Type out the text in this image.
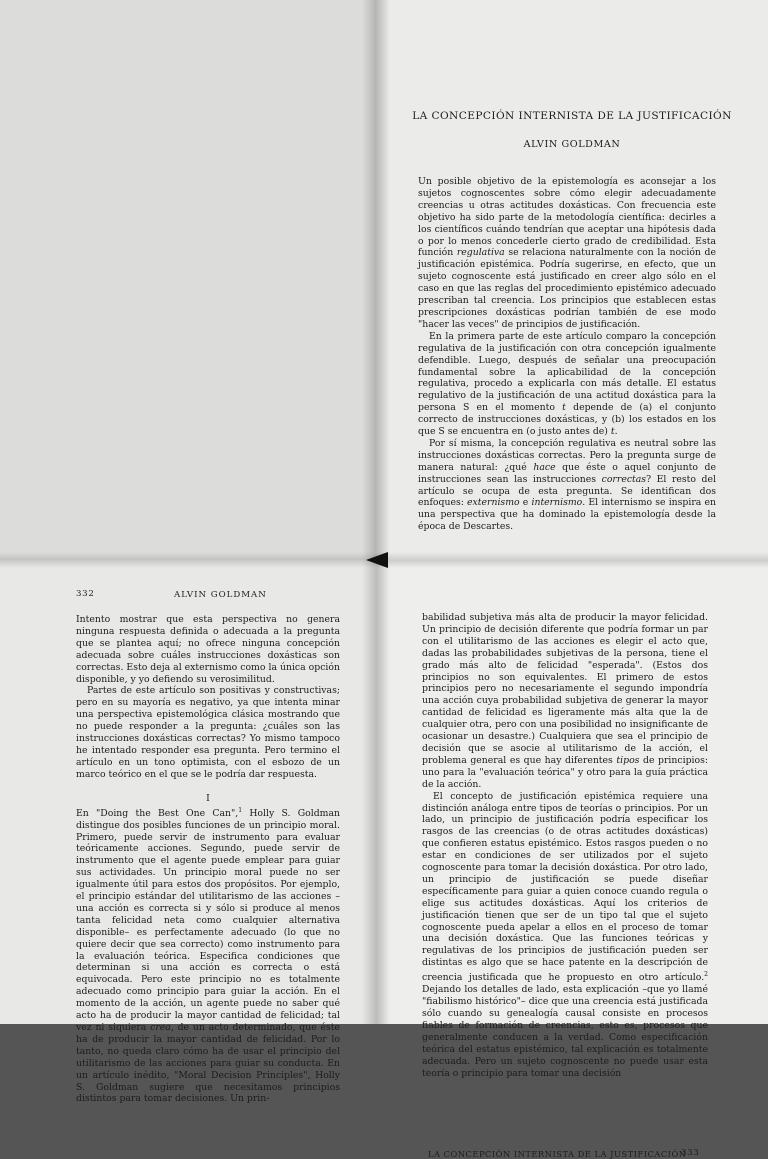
LA CONCEPCIÓN INTERNISTA DE LA JUSTIFICACIÓN
ALVIN GOLDMAN

Un posible objetivo de la epistemología es aconsejar a los sujetos cognoscentes sobre cómo elegir adecuadamente creencias u otras actitudes doxásticas. Con frecuencia este objetivo ha sido parte de la metodología científica: decirles a los científicos cuándo tendrían que aceptar una hipótesis dada o por lo menos concederle cierto grado de credibilidad. Esta función regulativa se relaciona naturalmente con la noción de justificación epistémica. Podría sugerirse, en efecto, que un sujeto cognoscente está justificado en creer algo sólo en el caso en que las reglas del procedimiento epistémico adecuado prescriban tal creencia. Los principios que establecen estas prescripciones doxásticas podrían también de ese modo "hacer las veces" de principios de justificación.

En la primera parte de este artículo comparo la concepción regulativa de la justificación con otra concepción igualmente defendible. Luego, después de señalar una preocupación fundamental sobre la aplicabilidad de la concepción regulativa, procedo a explicarla con más detalle. El estatus regulativo de la justificación de una actitud doxástica para la persona S en el momento t depende de (a) el conjunto correcto de instrucciones doxásticas, y (b) los estados en los que S se encuentra en (o justo antes de) t.

Por sí misma, la concepción regulativa es neutral sobre las instrucciones doxásticas correctas. Pero la pregunta surge de manera natural: ¿qué hace que éste o aquel conjunto de instrucciones sean las instrucciones correctas? El resto del artículo se ocupa de esta pregunta. Se identifican dos enfoques: externismo e internismo. El internismo se inspira en una perspectiva que ha dominado la epistemología desde la época de Descartes.

332	ALVIN GOLDMAN

Intento mostrar que esta perspectiva no genera ninguna respuesta definida o adecuada a la pregunta que se plantea aquí; no ofrece ninguna concepción adecuada sobre cuáles instrucciones doxásticas son correctas. Esto deja al externismo como la única opción disponible, y yo defiendo su verosimilitud.

Partes de este artículo son positivas y constructivas; pero en su mayoría es negativo, ya que intenta minar una perspectiva epistemológica clásica mostrando que no puede responder a la pregunta: ¿cuáles son las instrucciones doxásticas correctas? Yo mismo tampoco he intentado responder esa pregunta. Pero termino el artículo en un tono optimista, con el esbozo de un marco teórico en el que se le podría dar respuesta.

I

En "Doing the Best One Can",$^1$ Holly S. Goldman distingue dos posibles funciones de un principio moral. Primero, puede servir de instrumento para evaluar teóricamente acciones. Segundo, puede servir de instrumento que el agente puede emplear para guiar sus actividades. Un principio moral puede no ser igualmente útil para estos dos propósitos. Por ejemplo, el principio estándar del utilitarismo de las acciones –una acción es correcta si y sólo si produce al menos tanta felicidad neta como cualquier alternativa disponible– es perfectamente adecuado (lo que no quiere decir que sea correcto) como instrumento para la evaluación teórica. Especifica condiciones que determinan si una acción es correcta o está equivocada. Pero este principio no es totalmente adecuado como principio para guiar la acción. En el momento de la acción, un agente puede no saber qué acto ha de producir la mayor cantidad de felicidad; tal vez ni siquiera crea, de un acto determinado, que éste ha de producir la mayor cantidad de felicidad. Por lo tanto, no queda claro cómo ha de usar el principio del utilitarismo de las acciones para guiar su conducta. En un artículo inédito, "Moral Decision Principles", Holly S. Goldman sugiere que necesitamos principios distintos para tomar decisiones. Un prin-

LA CONCEPCIÓN INTERNISTA DE LA JUSTIFICACIÓN
333

babilidad subjetiva más alta de producir la mayor felicidad. Un principio de decisión diferente que podría formar un par con el utilitarismo de las acciones es elegir el acto que, dadas las probabilidades subjetivas de la persona, tiene el grado más alto de felicidad "esperada". (Estos dos principios no son equivalentes. El primero de estos principios pero no necesariamente el segundo impondría una acción cuya probabilidad subjetiva de generar la mayor cantidad de felicidad es ligeramente más alta que la de cualquier otra, pero con una posibilidad no insignificante de ocasionar un desastre.) Cualquiera que sea el principio de decisión que se asocie al utilitarismo de la acción, el problema general es que hay diferentes tipos de principios: uno para la "evaluación teórica" y otro para la guía práctica de la acción.

El concepto de justificación epistémica requiere una distinción análoga entre tipos de teorías o principios. Por un lado, un principio de justificación podría especificar los rasgos de las creencias (o de otras actitudes doxásticas) que confieren estatus epistémico. Estos rasgos pueden o no estar en condiciones de ser utilizados por el sujeto cognoscente para tomar la decisión doxástica. Por otro lado, un principio de justificación se puede diseñar específicamente para guiar a quien conoce cuando regula o elige sus actitudes doxásticas. Aquí los criterios de justificación tienen que ser de un tipo tal que el sujeto cognoscente pueda apelar a ellos en el proceso de tomar una decisión doxástica. Que las funciones teóricas y regulativas de los principios de justificación pueden ser distintas es algo que se hace patente en la descripción de creencia justificada que he propuesto en otro artículo.$^2$ Dejando los detalles de lado, esta explicación –que yo llamé "fiabilismo histórico"– dice que una creencia está justificada sólo cuando su genealogía causal consiste en procesos fiables de formación de creencias, esto es, procesos que generalmente conducen a la verdad. Como especificación teórica del estatus epistémico, tal explicación es totalmente adecuada. Pero un sujeto cognoscente no puede usar esta teoría o principio para tomar una decisión
